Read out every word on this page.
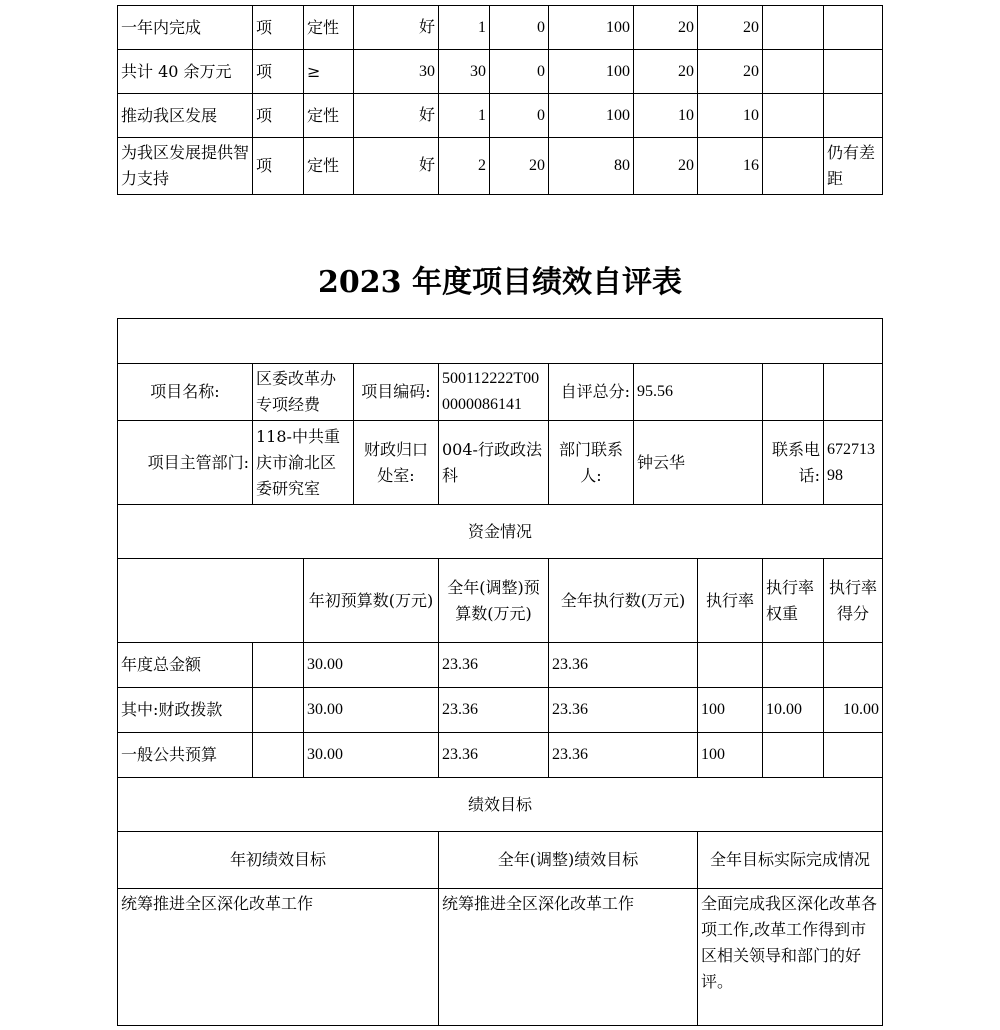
一年内完成	项	定性	好	1	0	100	20	20		
共计 40 余万元	项	≥	30	30	0	100	20	20		
推动我区发展	项	定性	好	1	0	100	10	10		
为我区发展提供智力支持	项	定性	好	2	20	80	20	16		仍有差距
2023 年度项目绩效自评表

项目名称:	区委改革办专项经费		项目编码:	500112222T000000086141	自评总分:	95.56			
项目主管部门:	118-中共重庆市渝北区委研究室		财政归口处室:	004-行政政法科	部门联系人:	钟云华		联系电话:	67271398
资金情况									
		年初预算数(万元)		全年(调整)预算数(万元)	全年执行数(万元)		执行率	执行率权重	执行率得分
年度总金额		30.00		23.36	23.36				
其中:财政拨款		30.00		23.36	23.36		100	10.00	10.00
一般公共预算		30.00		23.36	23.36		100		
绩效目标									
年初绩效目标				全年(调整)绩效目标			全年目标实际完成情况		
统筹推进全区深化改革工作				统筹推进全区深化改革工作			全面完成我区深化改革各项工作,改革工作得到市区相关领导和部门的好评。		
